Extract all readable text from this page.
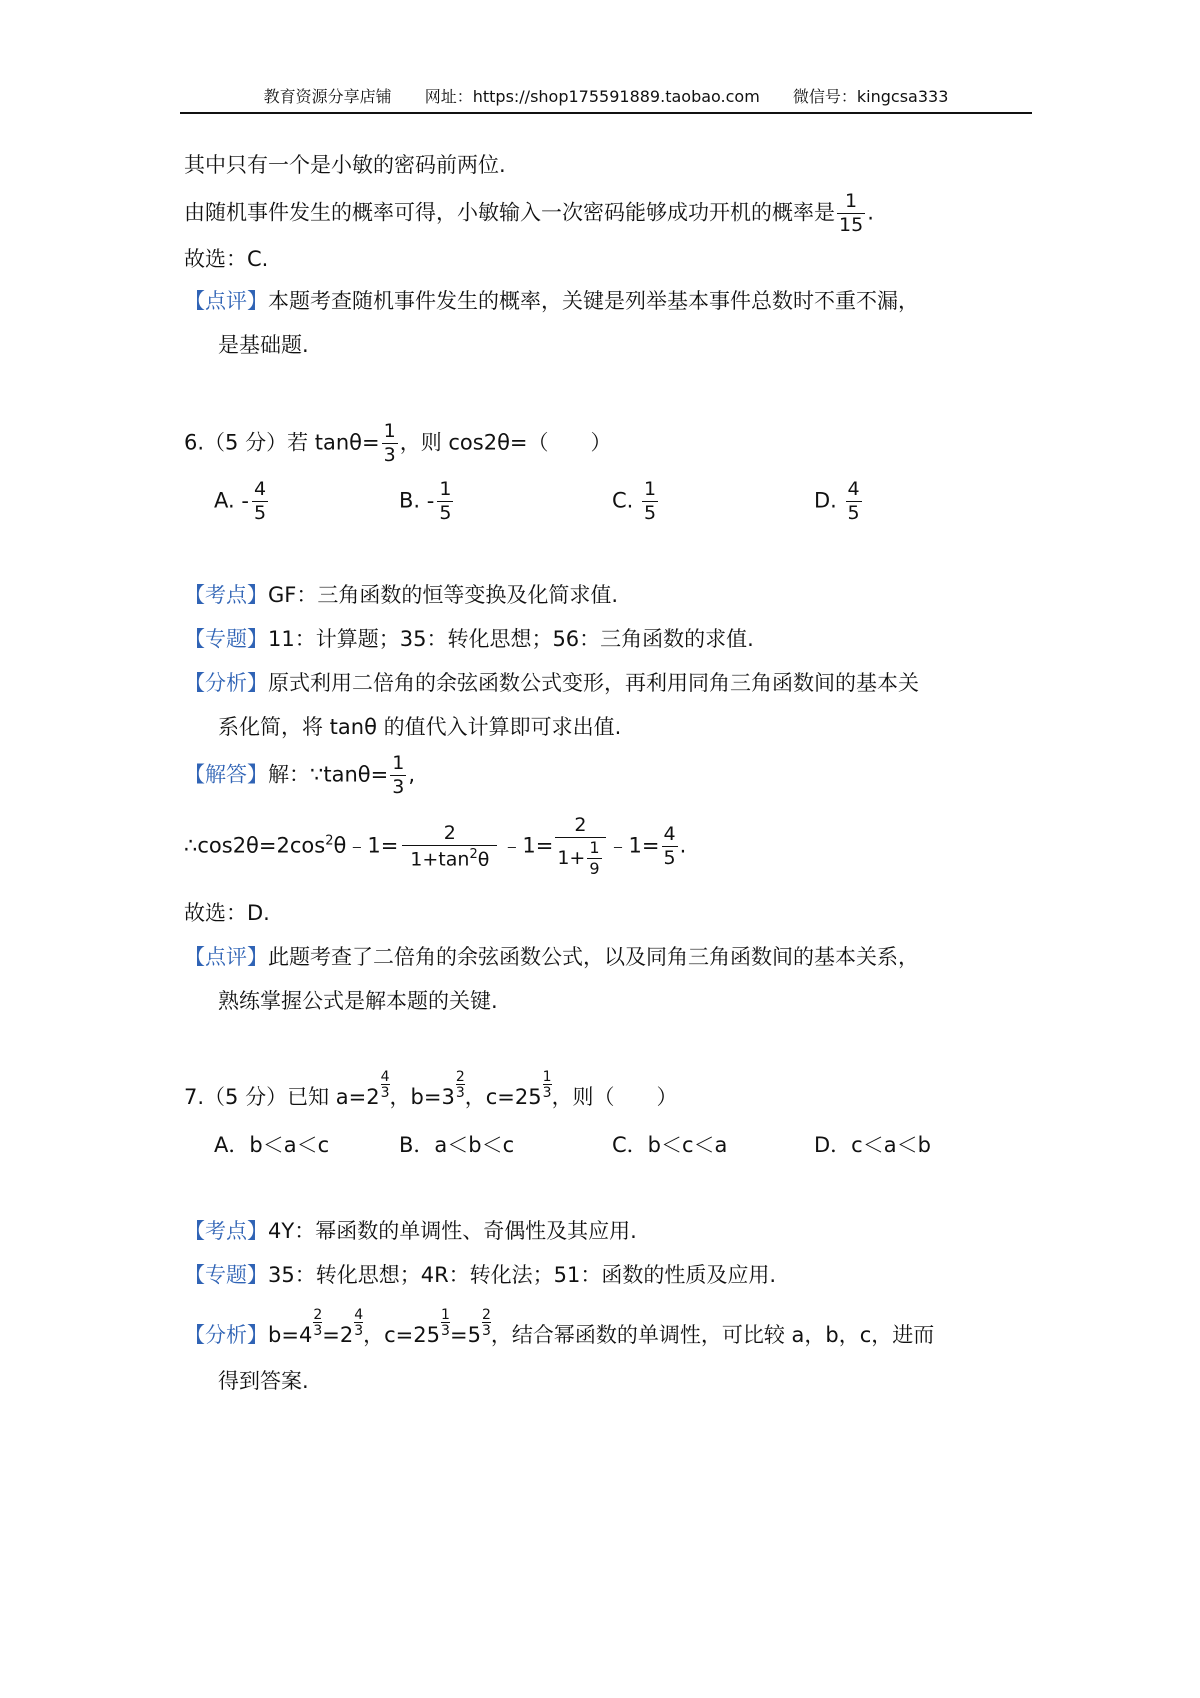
教育资源分享店铺 网址：https://shop175591889.taobao.com 微信号：kingcsa333
其中只有一个是小敏的密码前两位.
由随机事件发生的概率可得，小敏输入一次密码能够成功开机的概率是 $\frac{1}{15}$ .
故选：C.
【点评】本题考查随机事件发生的概率，关键是列举基本事件总数时不重不漏，
是基础题.
6.（5 分）若 $\tan\theta= \frac{1}{3}$ ，则 cos2θ=（　　）
A. - $\frac{4}{5}$	B. - $\frac{1}{5}$	C. $\frac{1}{5}$	D. $\frac{4}{5}$
【考点】GF：三角函数的恒等变换及化简求值.
【专题】11：计算题；35：转化思想；56：三角函数的求值.
【分析】原式利用二倍角的余弦函数公式变形，再利用同角三角函数间的基本关
系化简，将 tanθ 的值代入计算即可求出值.
【解答】解：∵tanθ= $\frac{1}{3}$ ,
$\therefore\cos 2\theta=2\cos^2\theta﹣1= \frac{2}{1+\tan^2\theta}$ ﹣1= $\frac{2}{1+ \frac{1}{9}}$ ﹣1= $\frac{4}{5}$ .
故选：D.
【点评】此题考查了二倍角的余弦函数公式，以及同角三角函数间的基本关系，
熟练掌握公式是解本题的关键.
7.（5 分）已知 $a= 2 \frac{4}{3}$ ，$b= 3 \frac{2}{3}$ ，$c= 25 \frac{1}{3}$ ，则（　　）
A．b＜a＜c	B．a＜b＜c	C．b＜c＜a	D．c＜a＜b
【考点】4Y：幂函数的单调性、奇偶性及其应用.
【专题】35：转化思想；4R：转化法；51：函数的性质及应用.
【分析】$b= 4 \frac{2}{3} = 2 \frac{4}{3}$ ，$c= 25 \frac{1}{3} = 5 \frac{2}{3}$ ，结合幂函数的单调性，可比较 a，b，c，进而
得到答案.
